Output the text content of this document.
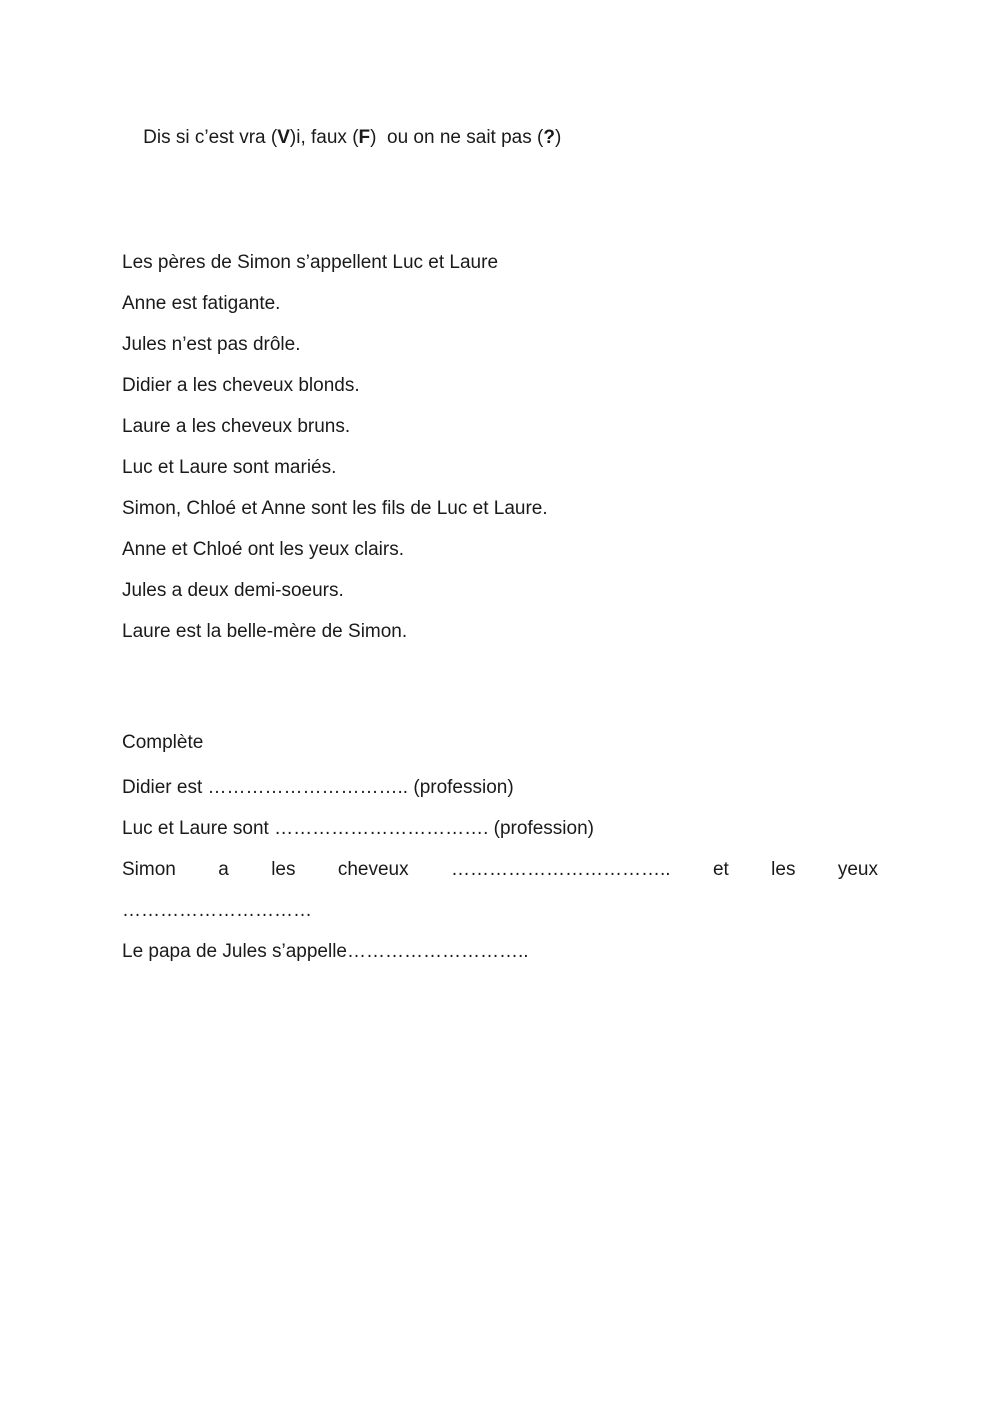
Dis si c’est vra (V)i, faux (F)  ou on ne sait pas (?)

Les pères de Simon s’appellent Luc et Laure
Anne est fatigante.
Jules n’est pas drôle.
Didier a les cheveux blonds.
Laure a les cheveux bruns.
Luc et Laure sont mariés.
Simon, Chloé et Anne sont les fils de Luc et Laure.
Anne et Chloé ont les yeux clairs.
Jules a deux demi-soeurs.
Laure est la belle-mère de Simon.
Complète
Didier est ………………………….. (profession)
Luc et Laure sont ……………………………. (profession)
Simon a les cheveux …………………………….. et les yeux
…………………………
Le papa de Jules s’appelle………………………..
